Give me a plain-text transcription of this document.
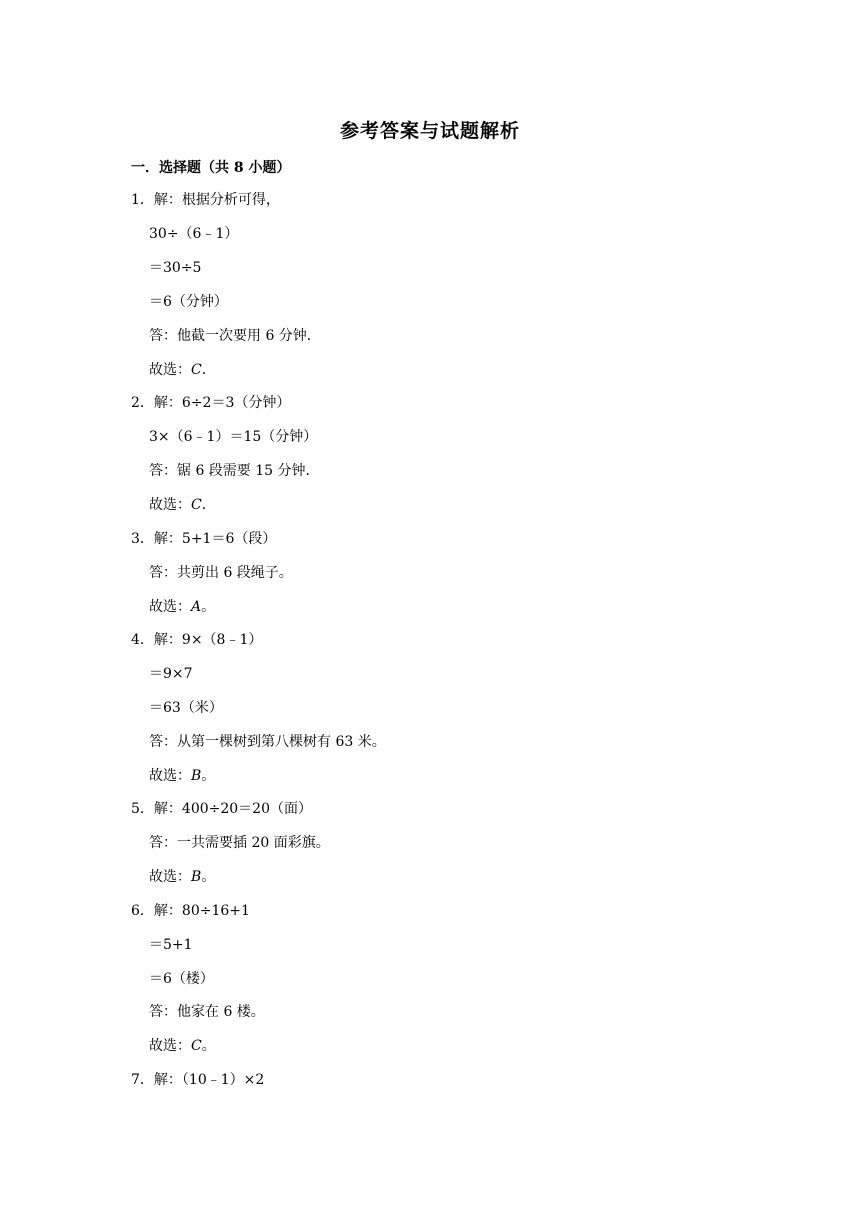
参考答案与试题解析
一．选择题（共 8 小题）
1．解：根据分析可得，
30÷（6﹣1）
＝30÷5
＝6（分钟）
答：他截一次要用 6 分钟．
故选：C．
2．解：6÷2＝3（分钟）
3×（6﹣1）＝15（分钟）
答：锯 6 段需要 15 分钟．
故选：C．
3．解：5+1＝6（段）
答：共剪出 6 段绳子。
故选：A。
4．解：9×（8﹣1）
＝9×7
＝63（米）
答：从第一棵树到第八棵树有 63 米。
故选：B。
5．解：400÷20＝20（面）
答：一共需要插 20 面彩旗。
故选：B。
6．解：80÷16+1
＝5+1
＝6（楼）
答：他家在 6 楼。
故选：C。
7．解：（10﹣1）×2
